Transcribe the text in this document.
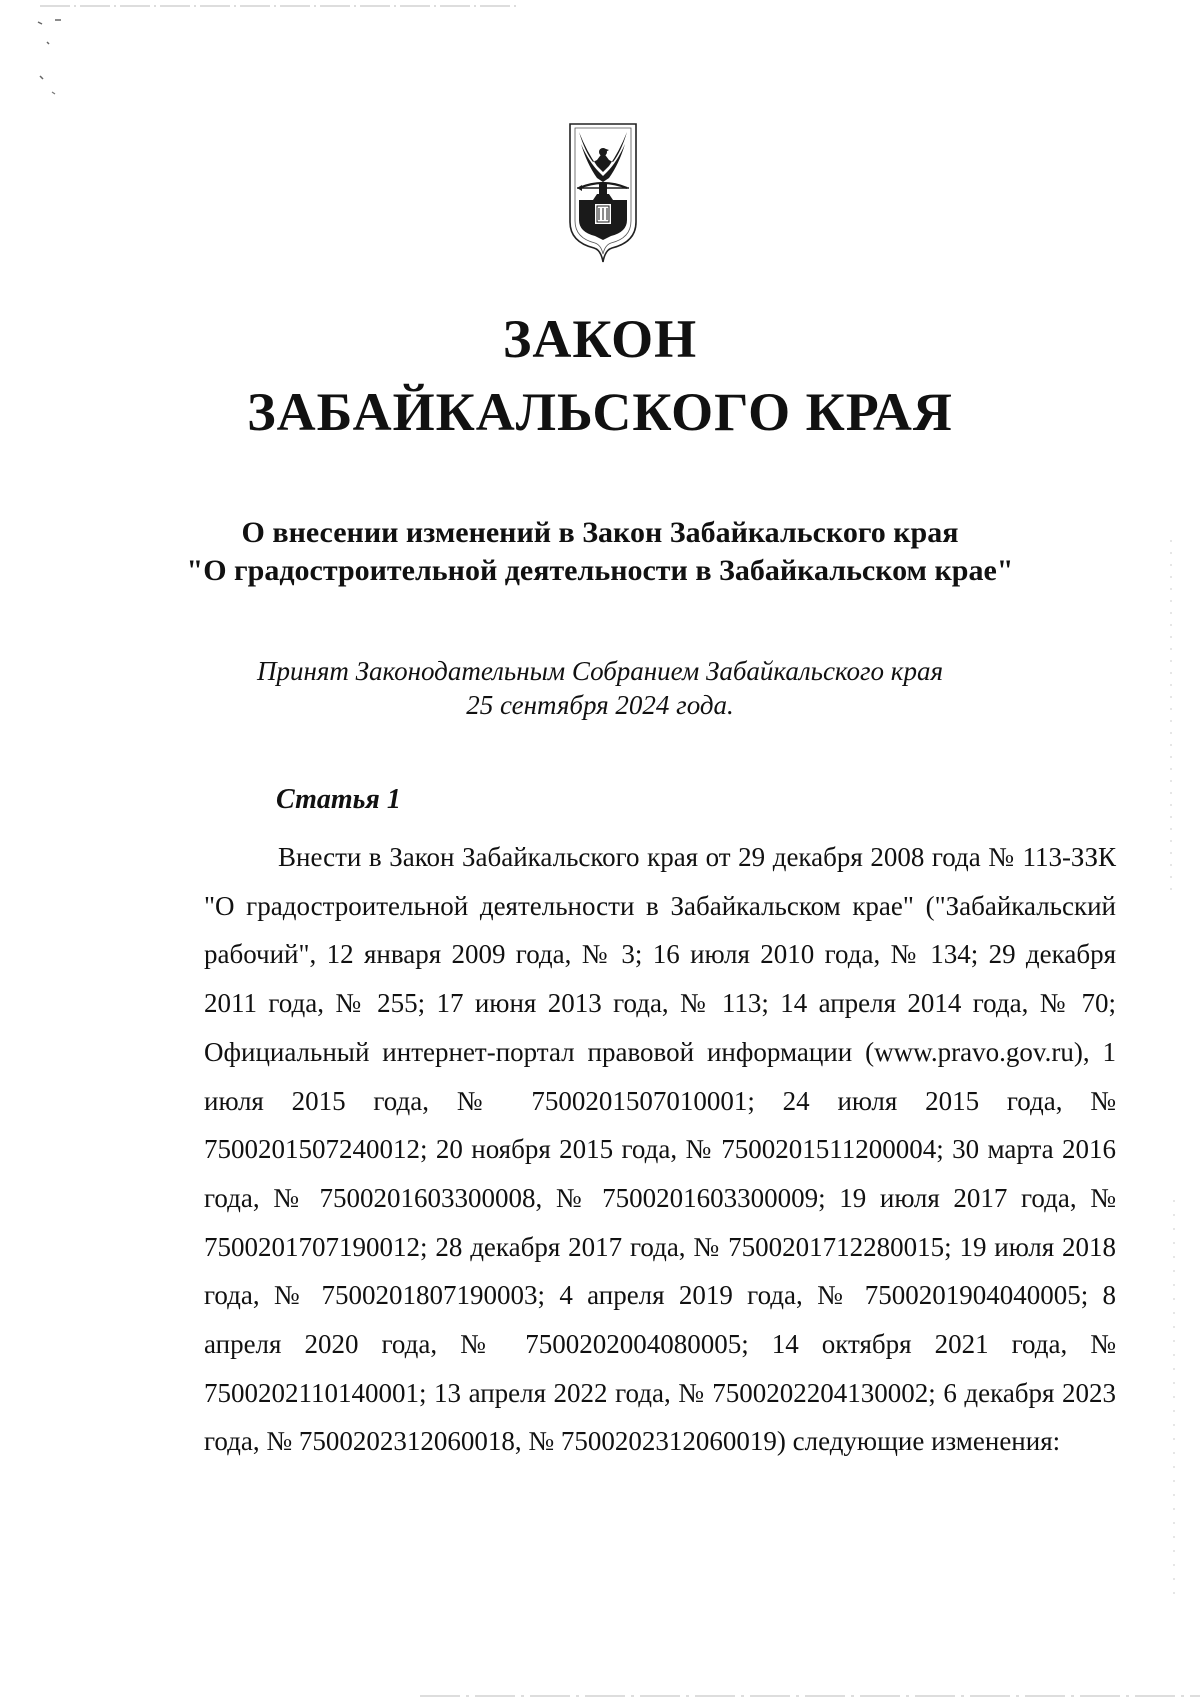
ЗАКОН
ЗАБАЙКАЛЬСКОГО КРАЯ
О внесении изменений в Закон Забайкальского края
"О градостроительной деятельности в Забайкальском крае"
Принят Законодательным Собранием Забайкальского края
25 сентября 2024 года.
Статья 1

Внести в Закон Забайкальского края от 29 декабря 2008 года № 113-ЗЗК "О градостроительной деятельности в Забайкальском крае" ("Забайкальский рабочий", 12 января 2009 года, № 3; 16 июля 2010 года, № 134; 29 декабря 2011 года, № 255; 17 июня 2013 года, № 113; 14 апреля 2014 года, № 70; Официальный интернет-портал правовой информации (www.pravo.gov.ru), 1 июля 2015 года, № 7500201507010001; 24 июля 2015 года, № 7500201507240012; 20 ноября 2015 года, № 7500201511200004; 30 марта 2016 года, № 7500201603300008, № 7500201603300009; 19 июля 2017 года, № 7500201707190012; 28 декабря 2017 года, № 7500201712280015; 19 июля 2018 года, № 7500201807190003; 4 апреля 2019 года, № 7500201904040005; 8 апреля 2020 года, № 7500202004080005; 14 октября 2021 года, № 7500202110140001; 13 апреля 2022 года, № 7500202204130002; 6 декабря 2023 года, № 7500202312060018, № 7500202312060019) следующие изменения:
